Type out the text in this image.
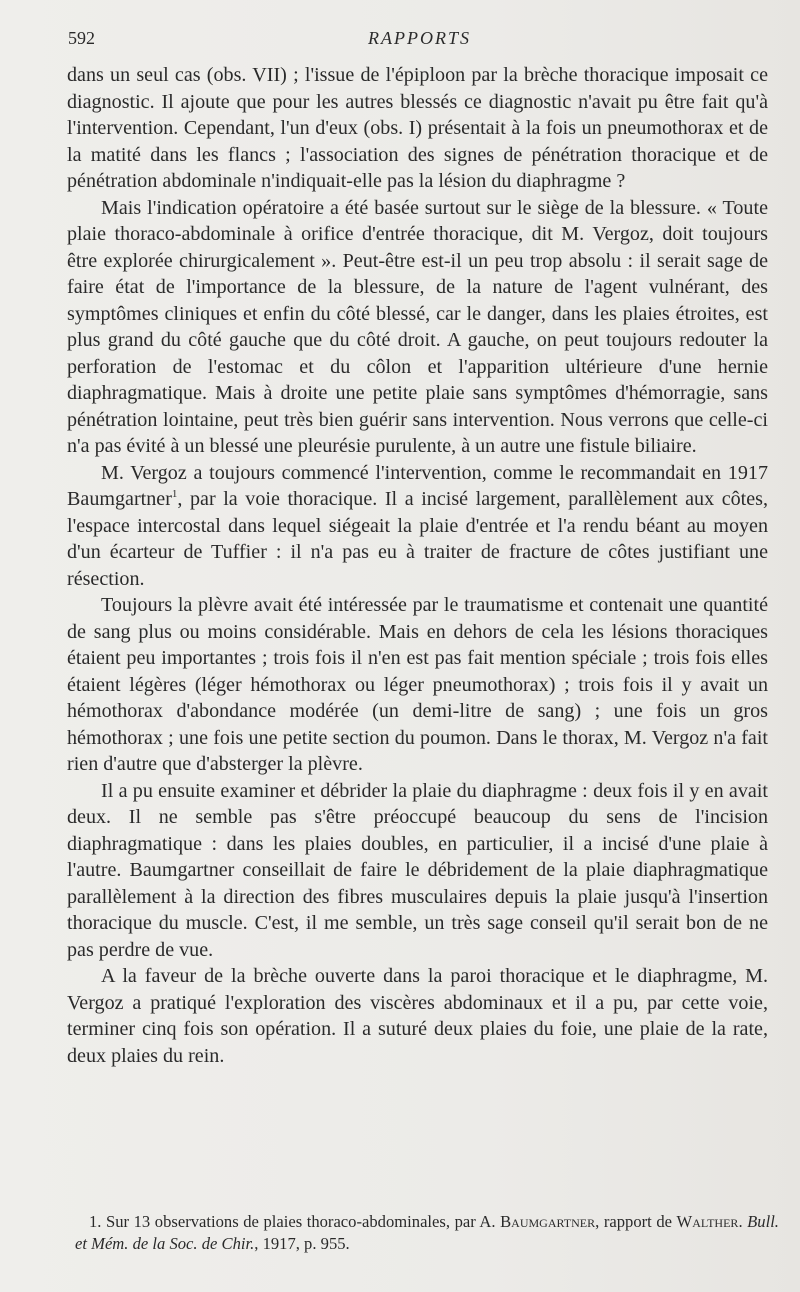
592	RAPPORTS

dans un seul cas (obs. VII) ; l'issue de l'épiploon par la brèche thoracique imposait ce diagnostic. Il ajoute que pour les autres blessés ce diagnostic n'avait pu être fait qu'à l'intervention. Cependant, l'un d'eux (obs. I) présentait à la fois un pneumothorax et de la matité dans les flancs ; l'association des signes de pénétration thoracique et de pénétration abdominale n'indiquait-elle pas la lésion du diaphragme ?

Mais l'indication opératoire a été basée surtout sur le siège de la blessure. « Toute plaie thoraco-abdominale à orifice d'entrée thoracique, dit M. Vergoz, doit toujours être explorée chirurgicalement ». Peut-être est-il un peu trop absolu : il serait sage de faire état de l'importance de la blessure, de la nature de l'agent vulnérant, des symptômes cliniques et enfin du côté blessé, car le danger, dans les plaies étroites, est plus grand du côté gauche que du côté droit. A gauche, on peut toujours redouter la perforation de l'estomac et du côlon et l'apparition ultérieure d'une hernie diaphragmatique. Mais à droite une petite plaie sans symptômes d'hémorragie, sans pénétration lointaine, peut très bien guérir sans intervention. Nous verrons que celle-ci n'a pas évité à un blessé une pleurésie purulente, à un autre une fistule biliaire.

M. Vergoz a toujours commencé l'intervention, comme le recommandait en 1917 Baumgartner$^1$, par la voie thoracique. Il a incisé largement, parallèlement aux côtes, l'espace intercostal dans lequel siégeait la plaie d'entrée et l'a rendu béant au moyen d'un écarteur de Tuffier : il n'a pas eu à traiter de fracture de côtes justifiant une résection.

Toujours la plèvre avait été intéressée par le traumatisme et contenait une quantité de sang plus ou moins considérable. Mais en dehors de cela les lésions thoraciques étaient peu importantes ; trois fois il n'en est pas fait mention spéciale ; trois fois elles étaient légères (léger hémothorax ou léger pneumothorax) ; trois fois il y avait un hémothorax d'abondance modérée (un demi-litre de sang) ; une fois un gros hémothorax ; une fois une petite section du poumon. Dans le thorax, M. Vergoz n'a fait rien d'autre que d'absterger la plèvre.

Il a pu ensuite examiner et débrider la plaie du diaphragme : deux fois il y en avait deux. Il ne semble pas s'être préoccupé beaucoup du sens de l'incision diaphragmatique : dans les plaies doubles, en particulier, il a incisé d'une plaie à l'autre. Baumgartner conseillait de faire le débridement de la plaie diaphragmatique parallèlement à la direction des fibres musculaires depuis la plaie jusqu'à l'insertion thoracique du muscle. C'est, il me semble, un très sage conseil qu'il serait bon de ne pas perdre de vue.

A la faveur de la brèche ouverte dans la paroi thoracique et le diaphragme, M. Vergoz a pratiqué l'exploration des viscères abdominaux et il a pu, par cette voie, terminer cinq fois son opération. Il a suturé deux plaies du foie, une plaie de la rate, deux plaies du rein.

1. Sur 13 observations de plaies thoraco-abdominales, par A. Baumgartner, rapport de Walther. Bull. et Mém. de la Soc. de Chir., 1917, p. 955.
